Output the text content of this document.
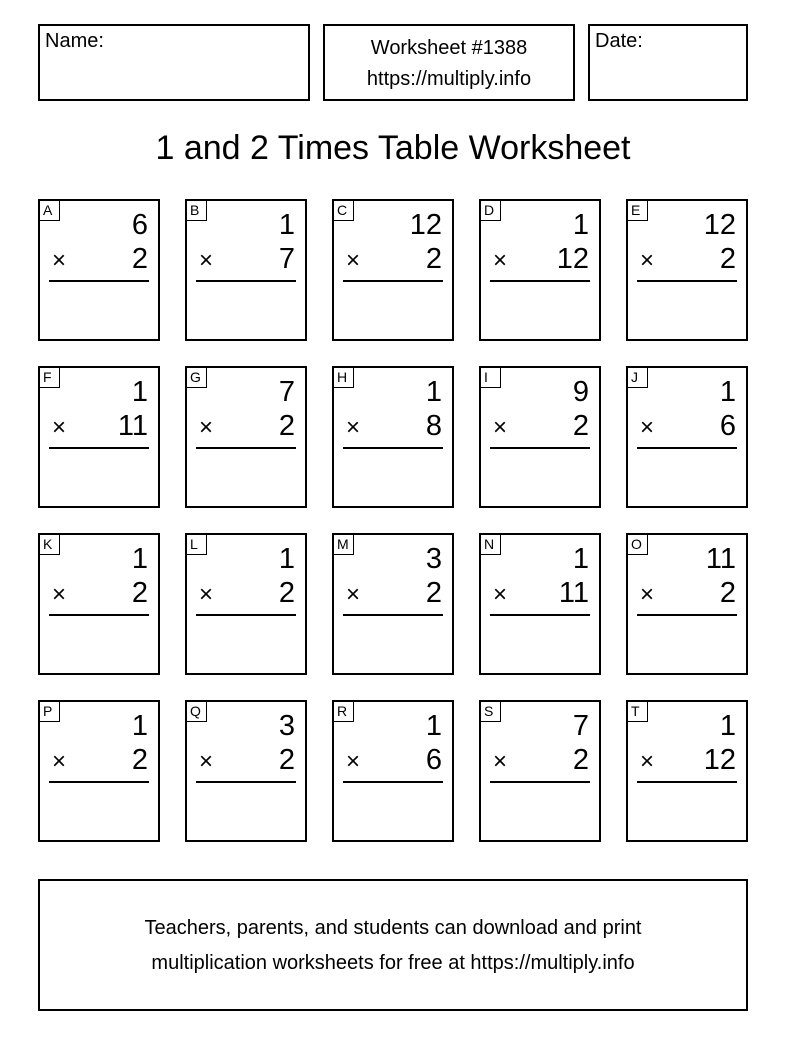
Name:	Worksheet #1388
https://multiply.info
Date:
1 and 2 Times Table Worksheet
A	6
× 2
B	1
× 7
C 12
× 2
D	1
× 12
E 12
× 2
F	1
× 11
G	7
× 2
H	1
× 8
I	9
× 2
J	1
× 6
K	1
× 2
L	1
× 2
M	3
× 2
N	1
× 11
O 11
× 2
P	1
× 2
Q	3
× 2
R	1
× 6
S	7
× 2
T	1
× 12
Teachers, parents, and students can download and print
multiplication worksheets for free at https://multiply.info
